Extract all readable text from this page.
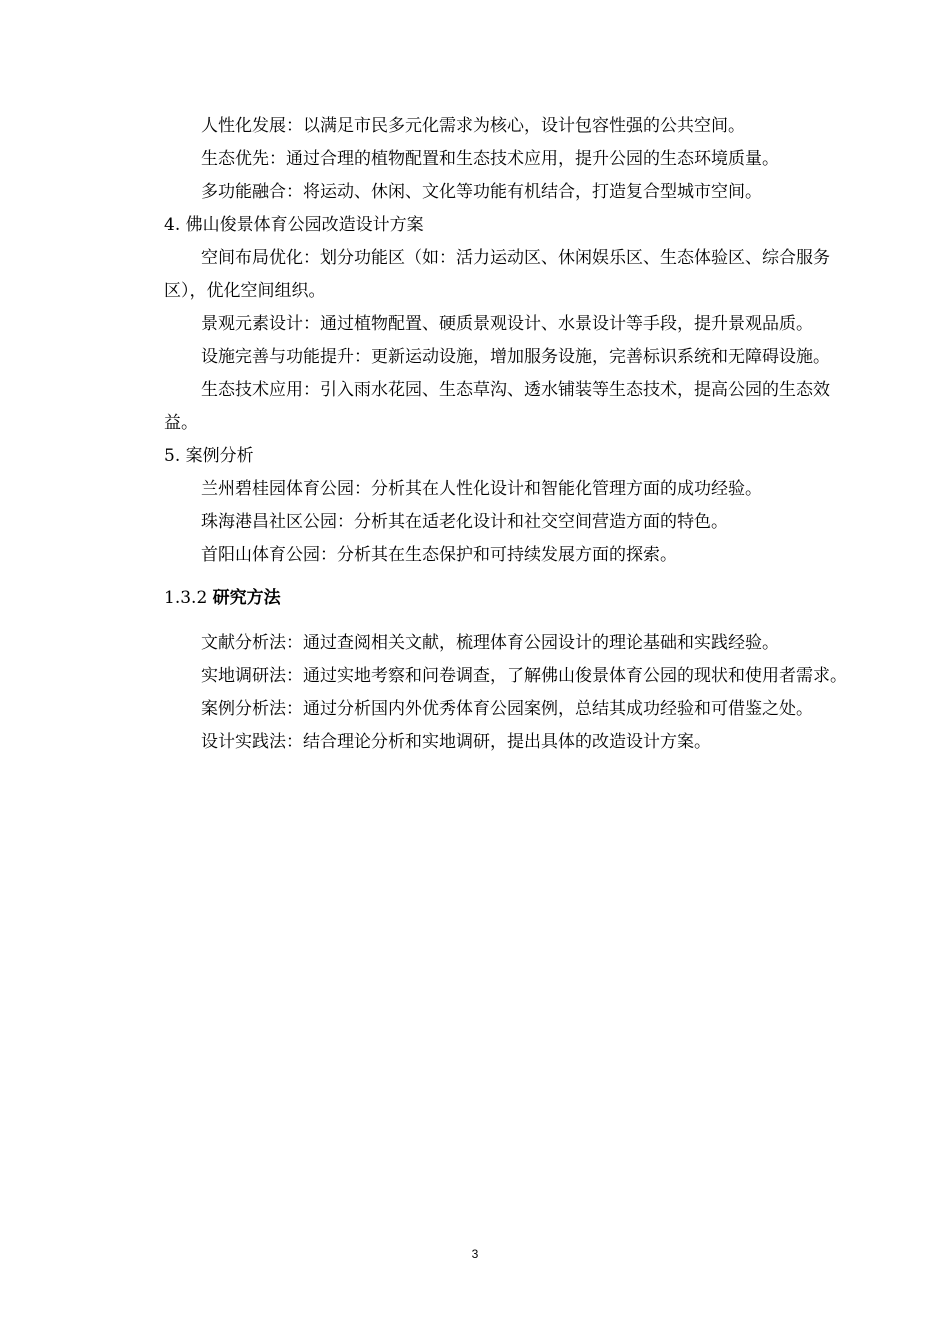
人性化发展：以满足市民多元化需求为核心，设计包容性强的公共空间。

生态优先：通过合理的植物配置和生态技术应用，提升公园的生态环境质量。

多功能融合：将运动、休闲、文化等功能有机结合，打造复合型城市空间。

4. 佛山俊景体育公园改造设计方案

空间布局优化：划分功能区（如：活力运动区、休闲娱乐区、生态体验区、综合服务区），优化空间组织。

景观元素设计：通过植物配置、硬质景观设计、水景设计等手段，提升景观品质。

设施完善与功能提升：更新运动设施，增加服务设施，完善标识系统和无障碍设施。

生态技术应用：引入雨水花园、生态草沟、透水铺装等生态技术，提高公园的生态效益。

5. 案例分析

兰州碧桂园体育公园：分析其在人性化设计和智能化管理方面的成功经验。

珠海港昌社区公园：分析其在适老化设计和社交空间营造方面的特色。

首阳山体育公园：分析其在生态保护和可持续发展方面的探索。

1.3.2 研究方法

文献分析法：通过查阅相关文献，梳理体育公园设计的理论基础和实践经验。

实地调研法：通过实地考察和问卷调查，了解佛山俊景体育公园的现状和使用者需求。

案例分析法：通过分析国内外优秀体育公园案例，总结其成功经验和可借鉴之处。

设计实践法：结合理论分析和实地调研，提出具体的改造设计方案。

3
